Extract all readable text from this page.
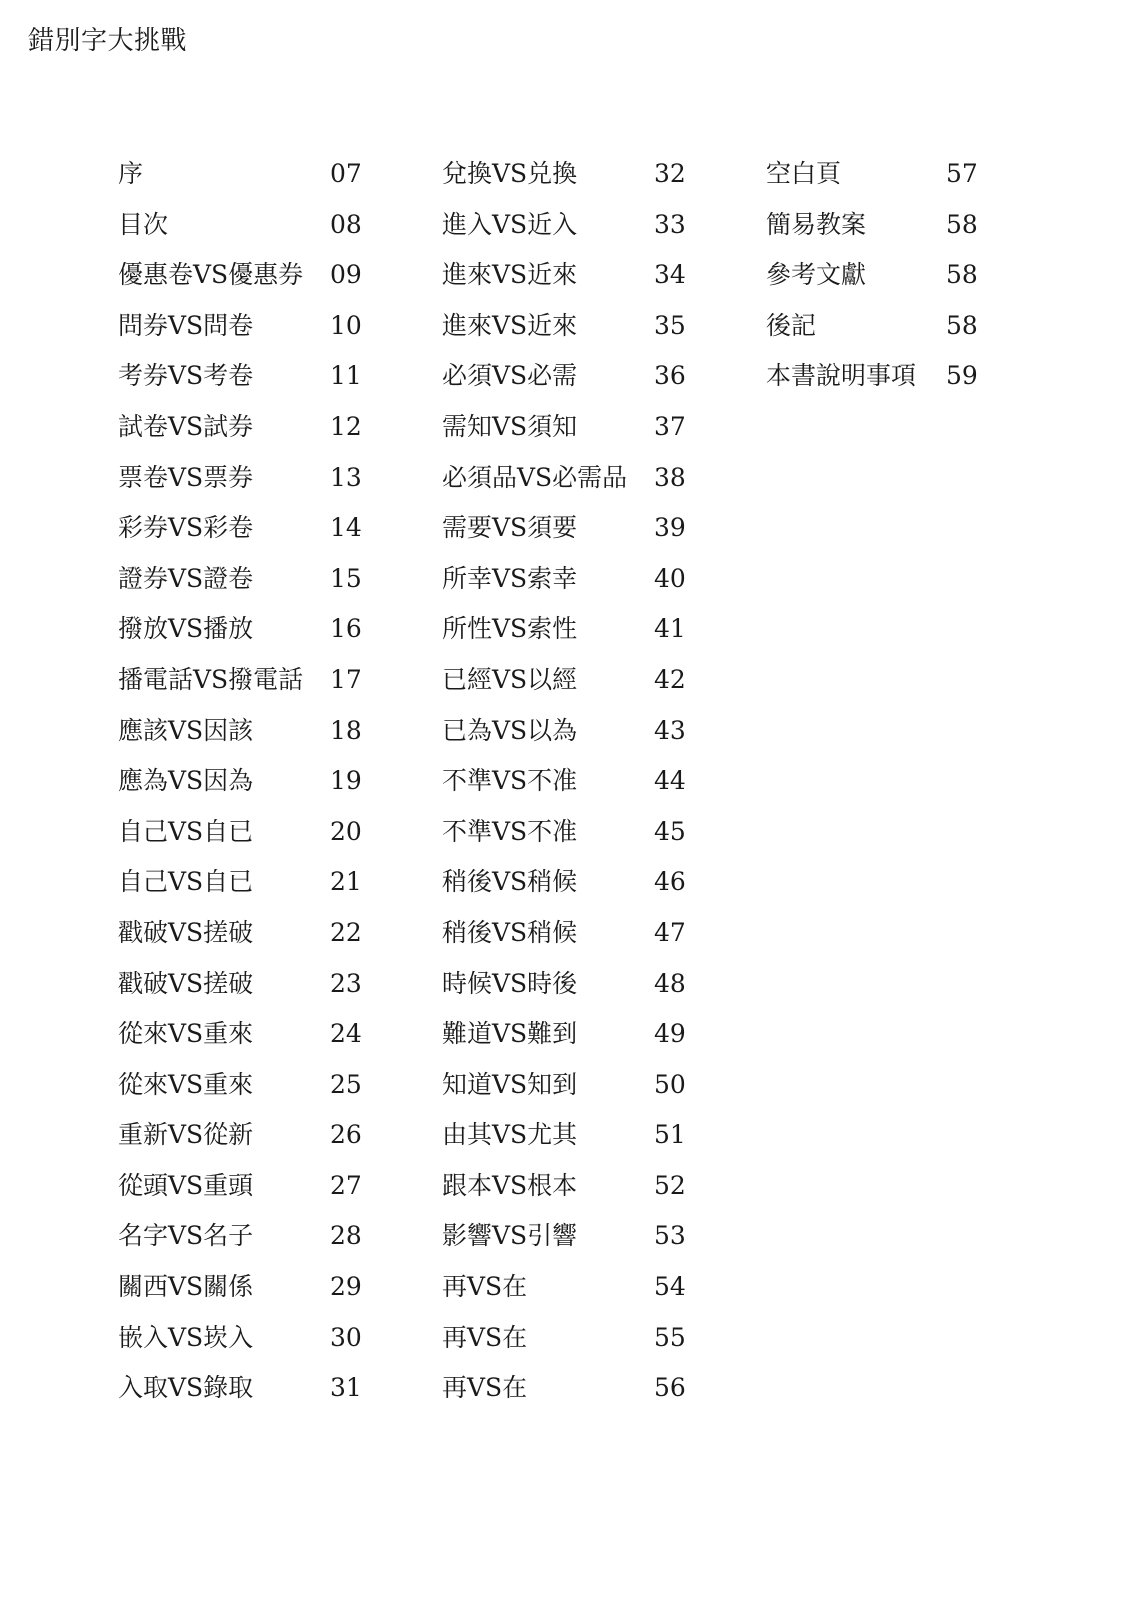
錯別字大挑戰
序	07
目次	08
優惠卷VS優惠券 09
問券VS問卷	10
考券VS考卷	11
試卷VS試券	12
票卷VS票券	13
彩券VS彩卷	14
證券VS證卷	15
撥放VS播放	16
播電話VS撥電話 17
應該VS因該	18
應為VS因為	19
自己VS自已	20
自己VS自已	21
戳破VS搓破	22
戳破VS搓破	23
從來VS重來	24
從來VS重來	25
重新VS從新	26
從頭VS重頭	27
名字VS名子	28
關西VS關係	29
嵌入VS崁入	30
入取VS錄取	31
兌換VS兑換	32
進入VS近入	33
進來VS近來	34
進來VS近來	35
必須VS必需	36
需知VS須知	37
必須品VS必需品 38
需要VS須要	39
所幸VS索幸	40
所性VS索性	41
已經VS以經	42
已為VS以為	43
不準VS不准	44
不準VS不准	45
稍後VS稍候	46
稍後VS稍候	47
時候VS時後	48
難道VS難到	49
知道VS知到	50
由其VS尤其	51
跟本VS根本	52
影響VS引響	53
再VS在	54
再VS在	55
再VS在	56
空白頁	57
簡易教案	58
參考文獻	58
後記	58
本書說明事項 59
